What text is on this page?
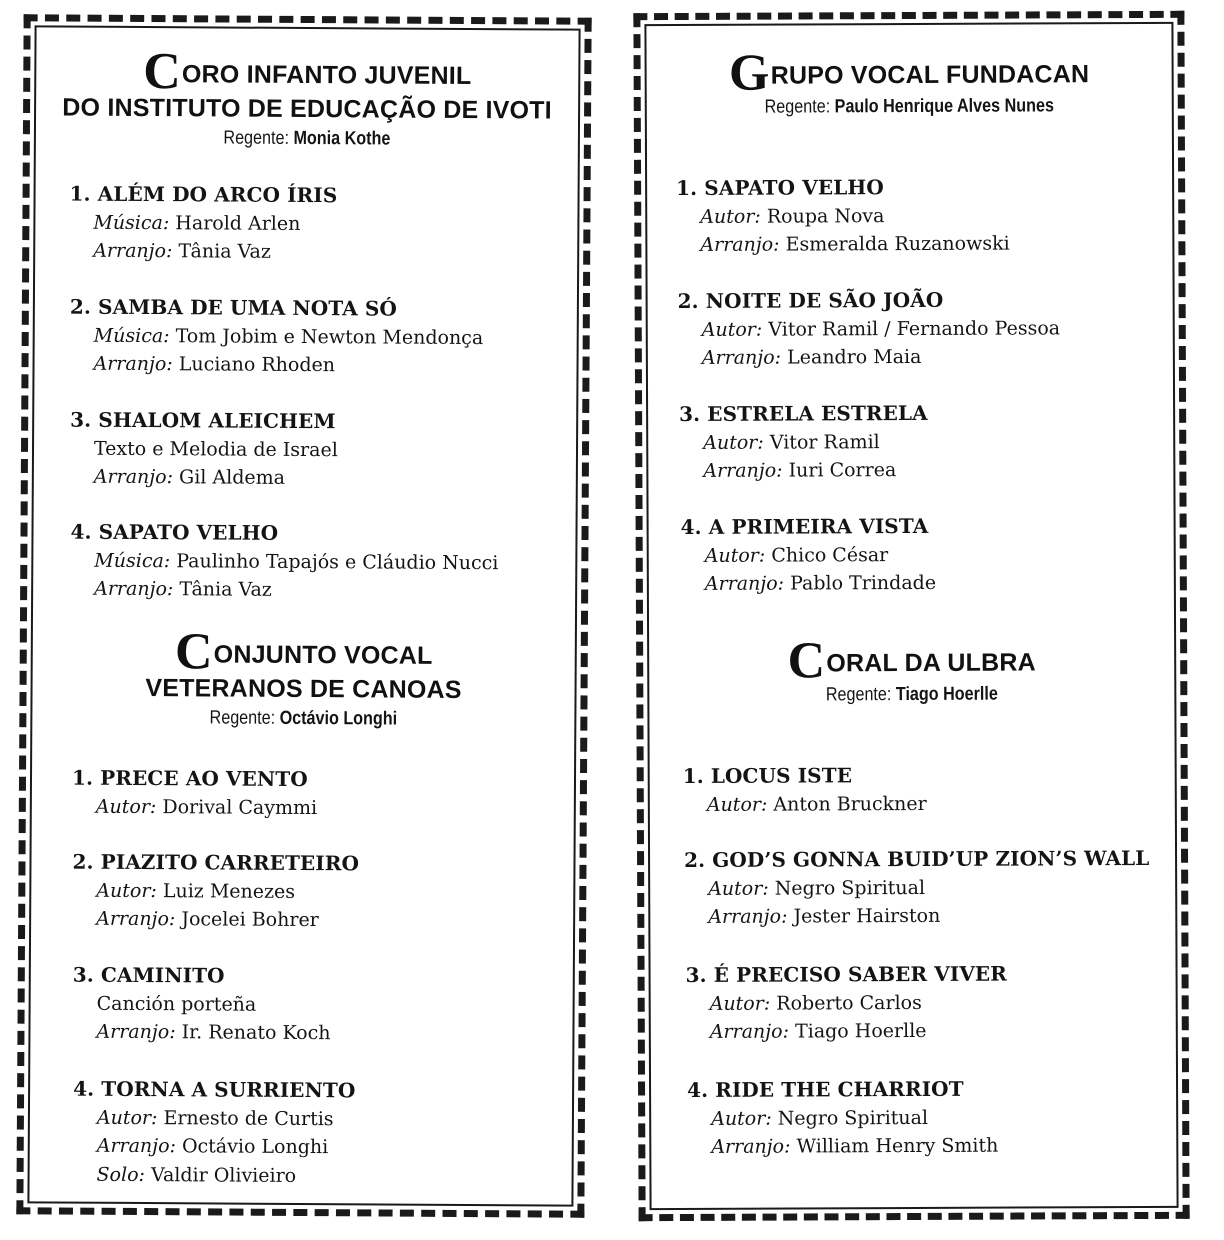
CORO INFANTO JUVENIL
DO INSTITUTO DE EDUCAÇÃO DE IVOTI
Regente: Monia Kothe
1. ALÉM DO ARCO ÍRIS
Música: Harold Arlen
Arranjo: Tânia Vaz
2. SAMBA DE UMA NOTA SÓ
Música: Tom Jobim e Newton Mendonça
Arranjo: Luciano Rhoden
3. SHALOM ALEICHEM
Texto e Melodia de Israel
Arranjo: Gil Aldema
4. SAPATO VELHO
Música: Paulinho Tapajós e Cláudio Nucci
Arranjo: Tânia Vaz
CONJUNTO VOCAL
VETERANOS DE CANOAS
Regente: Octávio Longhi
1. PRECE AO VENTO
Autor: Dorival Caymmi
2. PIAZITO CARRETEIRO
Autor: Luiz Menezes
Arranjo: Jocelei Bohrer
3. CAMINITO
Canción porteña
Arranjo: Ir. Renato Koch
4. TORNA A SURRIENTO
Autor: Ernesto de Curtis
Arranjo: Octávio Longhi
Solo: Valdir Olivieiro
GRUPO VOCAL FUNDACAN
Regente: Paulo Henrique Alves Nunes
1. SAPATO VELHO
Autor: Roupa Nova
Arranjo: Esmeralda Ruzanowski
2. NOITE DE SÃO JOÃO
Autor: Vitor Ramil / Fernando Pessoa
Arranjo: Leandro Maia
3. ESTRELA ESTRELA
Autor: Vitor Ramil
Arranjo: Iuri Correa
4. A PRIMEIRA VISTA
Autor: Chico César
Arranjo: Pablo Trindade
CORAL DA ULBRA
Regente: Tiago Hoerlle
1. LOCUS ISTE
Autor: Anton Bruckner
2. GOD’S GONNA BUID’UP ZION’S WALL
Autor: Negro Spiritual
Arranjo: Jester Hairston
3. É PRECISO SABER VIVER
Autor: Roberto Carlos
Arranjo: Tiago Hoerlle
4. RIDE THE CHARRIOT
Autor: Negro Spiritual
Arranjo: William Henry Smith
